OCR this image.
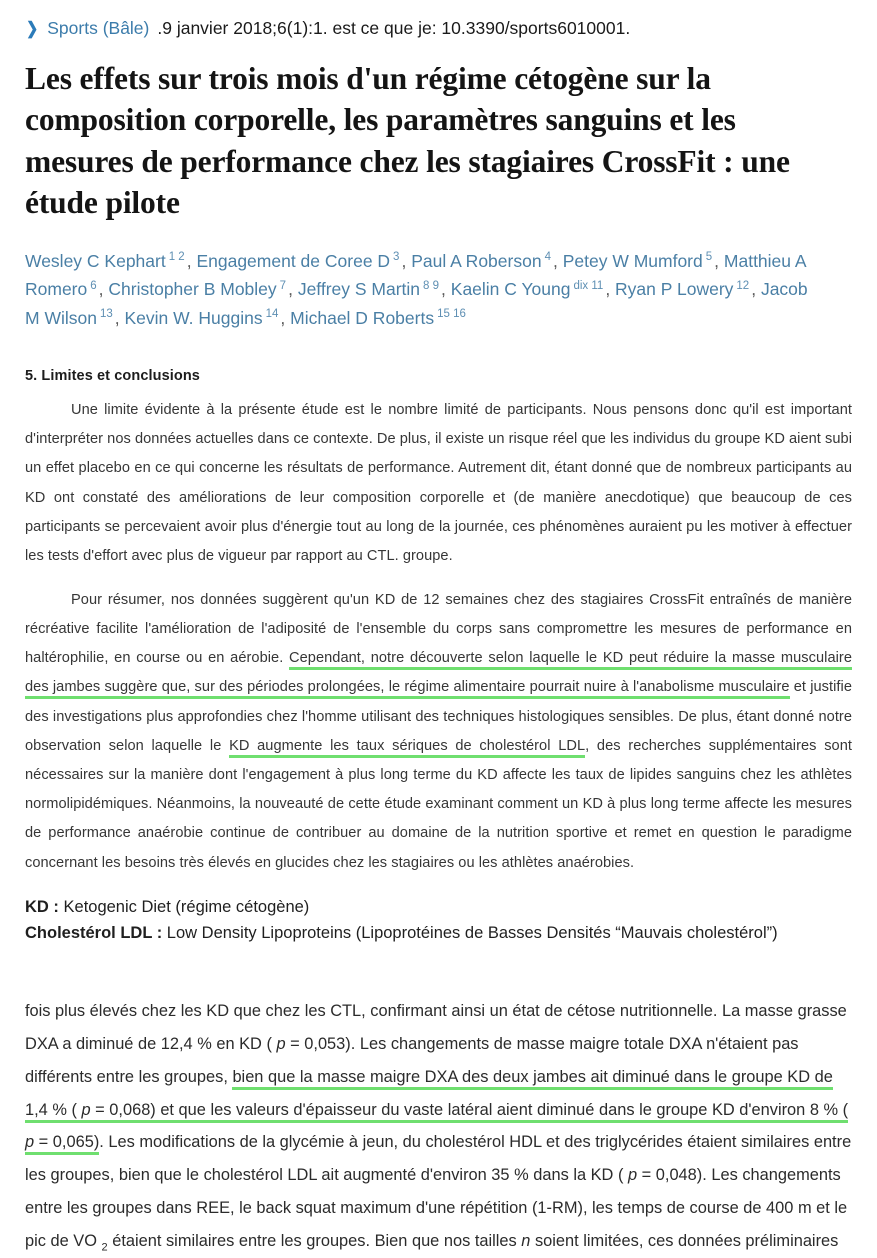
❯ Sports (Bâle) .9 janvier 2018;6(1):1. est ce que je: 10.3390/sports6010001.
Les effets sur trois mois d'un régime cétogène sur la composition corporelle, les paramètres sanguins et les mesures de performance chez les stagiaires CrossFit : une étude pilote
Wesley C Kephart $^{1 2}$ , Engagement de Coree D $^3$ , Paul A Roberson $^4$ , Petey W Mumford $^5$ , Matthieu A Romero $^6$ , Christopher B Mobley $^7$ , Jeffrey S Martin $^{8 9}$ , Kaelin C Young $^{dix 11}$ , Ryan P Lowery $^{12}$ , Jacob M Wilson $^{13}$ , Kevin W. Huggins $^{14}$ , Michael D Roberts $^{15 16}$
5. Limites et conclusions

Une limite évidente à la présente étude est le nombre limité de participants. Nous pensons donc qu'il est important d'interpréter nos données actuelles dans ce contexte. De plus, il existe un risque réel que les individus du groupe KD aient subi un effet placebo en ce qui concerne les résultats de performance. Autrement dit, étant donné que de nombreux participants au KD ont constaté des améliorations de leur composition corporelle et (de manière anecdotique) que beaucoup de ces participants se percevaient avoir plus d'énergie tout au long de la journée, ces phénomènes auraient pu les motiver à effectuer les tests d'effort avec plus de vigueur par rapport au CTL. groupe.

Pour résumer, nos données suggèrent qu'un KD de 12 semaines chez des stagiaires CrossFit entraînés de manière récréative facilite l'amélioration de l'adiposité de l'ensemble du corps sans compromettre les mesures de performance en haltérophilie, en course ou en aérobie. Cependant, notre découverte selon laquelle le KD peut réduire la masse musculaire des jambes suggère que, sur des périodes prolongées, le régime alimentaire pourrait nuire à l'anabolisme musculaire et justifie des investigations plus approfondies chez l'homme utilisant des techniques histologiques sensibles. De plus, étant donné notre observation selon laquelle le KD augmente les taux sériques de cholestérol LDL, des recherches supplémentaires sont nécessaires sur la manière dont l'engagement à plus long terme du KD affecte les taux de lipides sanguins chez les athlètes normolipidémiques. Néanmoins, la nouveauté de cette étude examinant comment un KD à plus long terme affecte les mesures de performance anaérobie continue de contribuer au domaine de la nutrition sportive et remet en question le paradigme concernant les besoins très élevés en glucides chez les stagiaires ou les athlètes anaérobies.

KD : Ketogenic Diet (régime cétogène)
Cholestérol LDL : Low Density Lipoproteins (Lipoprotéines de Basses Densités “Mauvais cholestérol”)

fois plus élevés chez les KD que chez les CTL, confirmant ainsi un état de cétose nutritionnelle. La masse grasse DXA a diminué de 12,4 % en KD ( p = 0,053). Les changements de masse maigre totale DXA n'étaient pas différents entre les groupes, bien que la masse maigre DXA des deux jambes ait diminué dans le groupe KD de 1,4 % ( p = 0,068) et que les valeurs d'épaisseur du vaste latéral aient diminué dans le groupe KD d'environ 8 % ( p = 0,065). Les modifications de la glycémie à jeun, du cholestérol HDL et des triglycérides étaient similaires entre les groupes, bien que le cholestérol LDL ait augmenté d'environ 35 % dans la KD ( p = 0,048). Les changements entre les groupes dans REE, le back squat maximum d'une répétition (1-RM), les temps de course de 400 m et le pic de VO $_2$ étaient similaires entre les groupes. Bien que nos tailles n soient limitées, ces données préliminaires
